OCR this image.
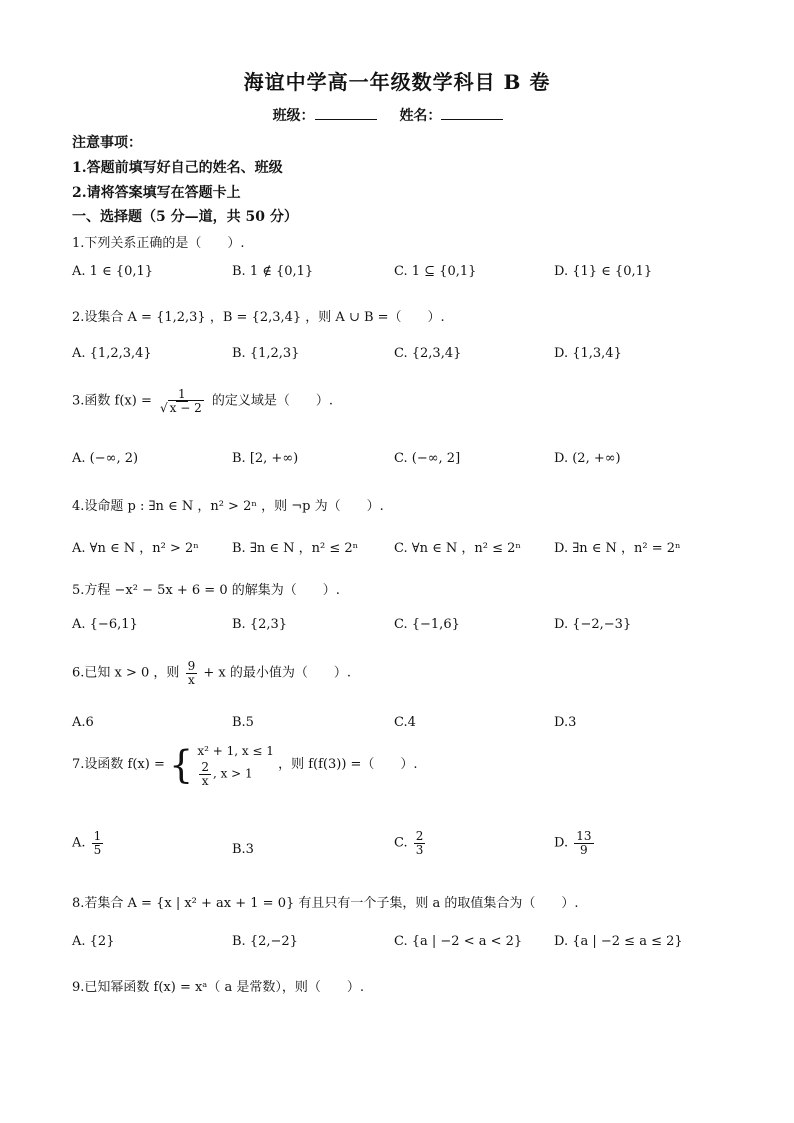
海谊中学高一年级数学科目 B 卷
班级：	姓名：
注意事项：
1.答题前填写好自己的姓名、班级
2.请将答案填写在答题卡上
一、选择题（5 分—道，共 50 分）
1.下列关系正确的是（　　）.
A. 1 ∈ {0,1}	B. 1 ∉ {0,1}	C. 1 ⊆ {0,1}	D. {1} ∈ {0,1}
2.设集合 A = {1,2,3} ，B = {2,3,4} ，则 A ∪ B =（　　）.
A. {1,2,3,4}	B. {1,2,3}	C. {2,3,4}	D. {1,3,4}
3.函数 $f(x) = \frac{1}{√ x - 2}$ 的定义域是（　　）.
A. (−∞, 2)	B. [2, +∞)	C. (−∞, 2]	D. (2, +∞)
4.设命题 p : ∃n ∈ N ，n² > 2ⁿ ，则 ¬p 为（　　）.
A. ∀n ∈ N ，n² > 2ⁿ	B. ∃n ∈ N ，n² ≤ 2ⁿ	C. ∀n ∈ N ，n² ≤ 2ⁿ	D. ∃n ∈ N ，n² = 2ⁿ
5.方程 −x² − 5x + 6 = 0 的解集为（　　）.
A. {−6,1}	B. {2,3}	C. {−1,6}	D. {−2,−3}
6.已知 x > 0 ，则 $\frac{9}{x} + x$ 的最小值为（　　）.
A.6	B.5	C.4	D.3
7.设函数 f(x) = { x² + 1, x ≤ 1
$\frac{2}{x}$ , x > 1
，则 f(f(3)) =（　　）.
A. $\frac{1}{5}$	B.3	C. $\frac{2}{3}$	D. $\frac{13}{9}$
8.若集合 A = {x | x² + ax + 1 = 0} 有且只有一个子集，则 a 的取值集合为（　　）.
A. {2}	B. {2,−2}	C. {a | −2 < a < 2} D. {a | −2 ≤ a ≤ 2}
9.已知幂函数 f(x) = xᵃ（ a 是常数），则（　　）.
